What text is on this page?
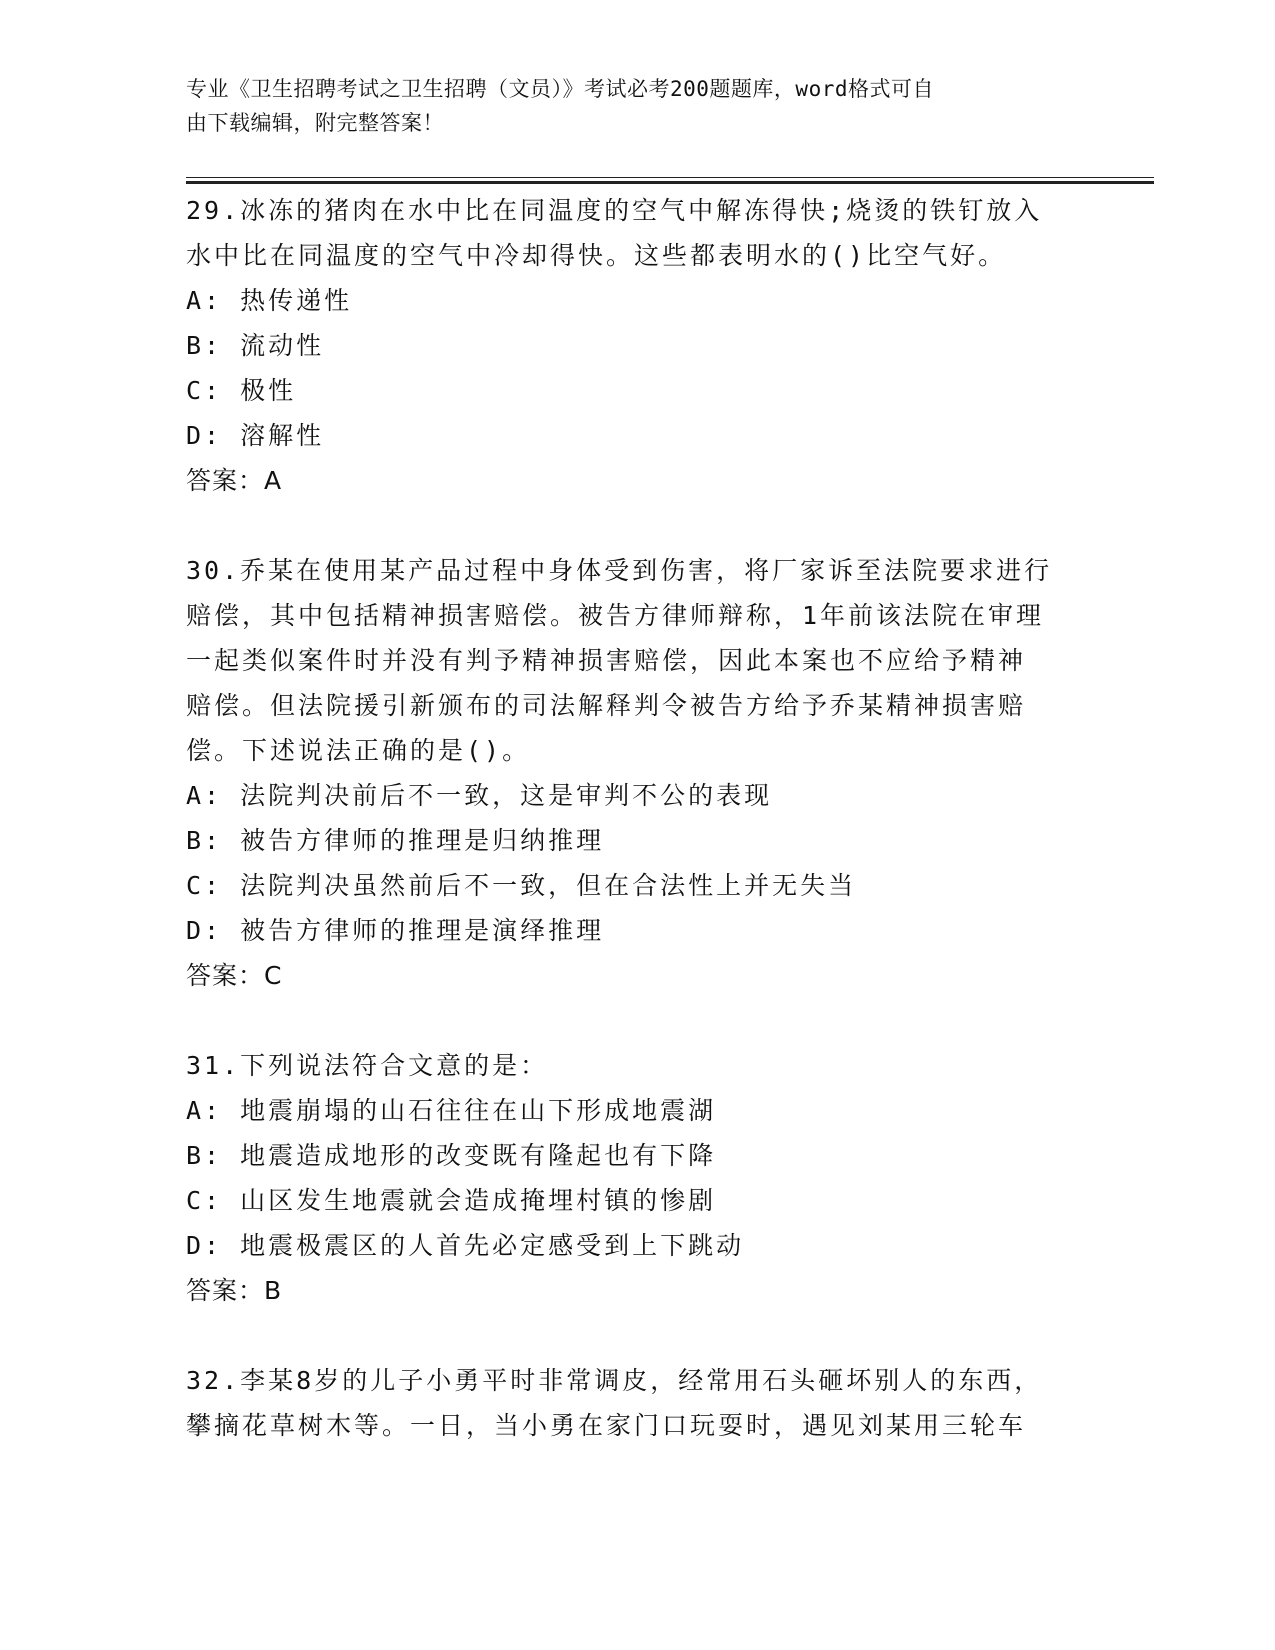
专业《卫生招聘考试之卫生招聘（文员）》考试必考200题题库，word格式可自
由下载编辑，附完整答案！
29.冰冻的猪肉在水中比在同温度的空气中解冻得快;烧烫的铁钉放入
水中比在同温度的空气中冷却得快。这些都表明水的()比空气好。
A: 热传递性
B: 流动性
C: 极性
D: 溶解性
答案：A
30.乔某在使用某产品过程中身体受到伤害，将厂家诉至法院要求进行
赔偿，其中包括精神损害赔偿。被告方律师辩称，1年前该法院在审理
一起类似案件时并没有判予精神损害赔偿，因此本案也不应给予精神
赔偿。但法院援引新颁布的司法解释判令被告方给予乔某精神损害赔
偿。下述说法正确的是()。
A: 法院判决前后不一致，这是审判不公的表现
B: 被告方律师的推理是归纳推理
C: 法院判决虽然前后不一致，但在合法性上并无失当
D: 被告方律师的推理是演绎推理
答案：C
31.下列说法符合文意的是：
A: 地震崩塌的山石往往在山下形成地震湖
B: 地震造成地形的改变既有隆起也有下降
C: 山区发生地震就会造成掩埋村镇的惨剧
D: 地震极震区的人首先必定感受到上下跳动
答案：B
32.李某8岁的儿子小勇平时非常调皮，经常用石头砸坏别人的东西，
攀摘花草树木等。一日，当小勇在家门口玩耍时，遇见刘某用三轮车
